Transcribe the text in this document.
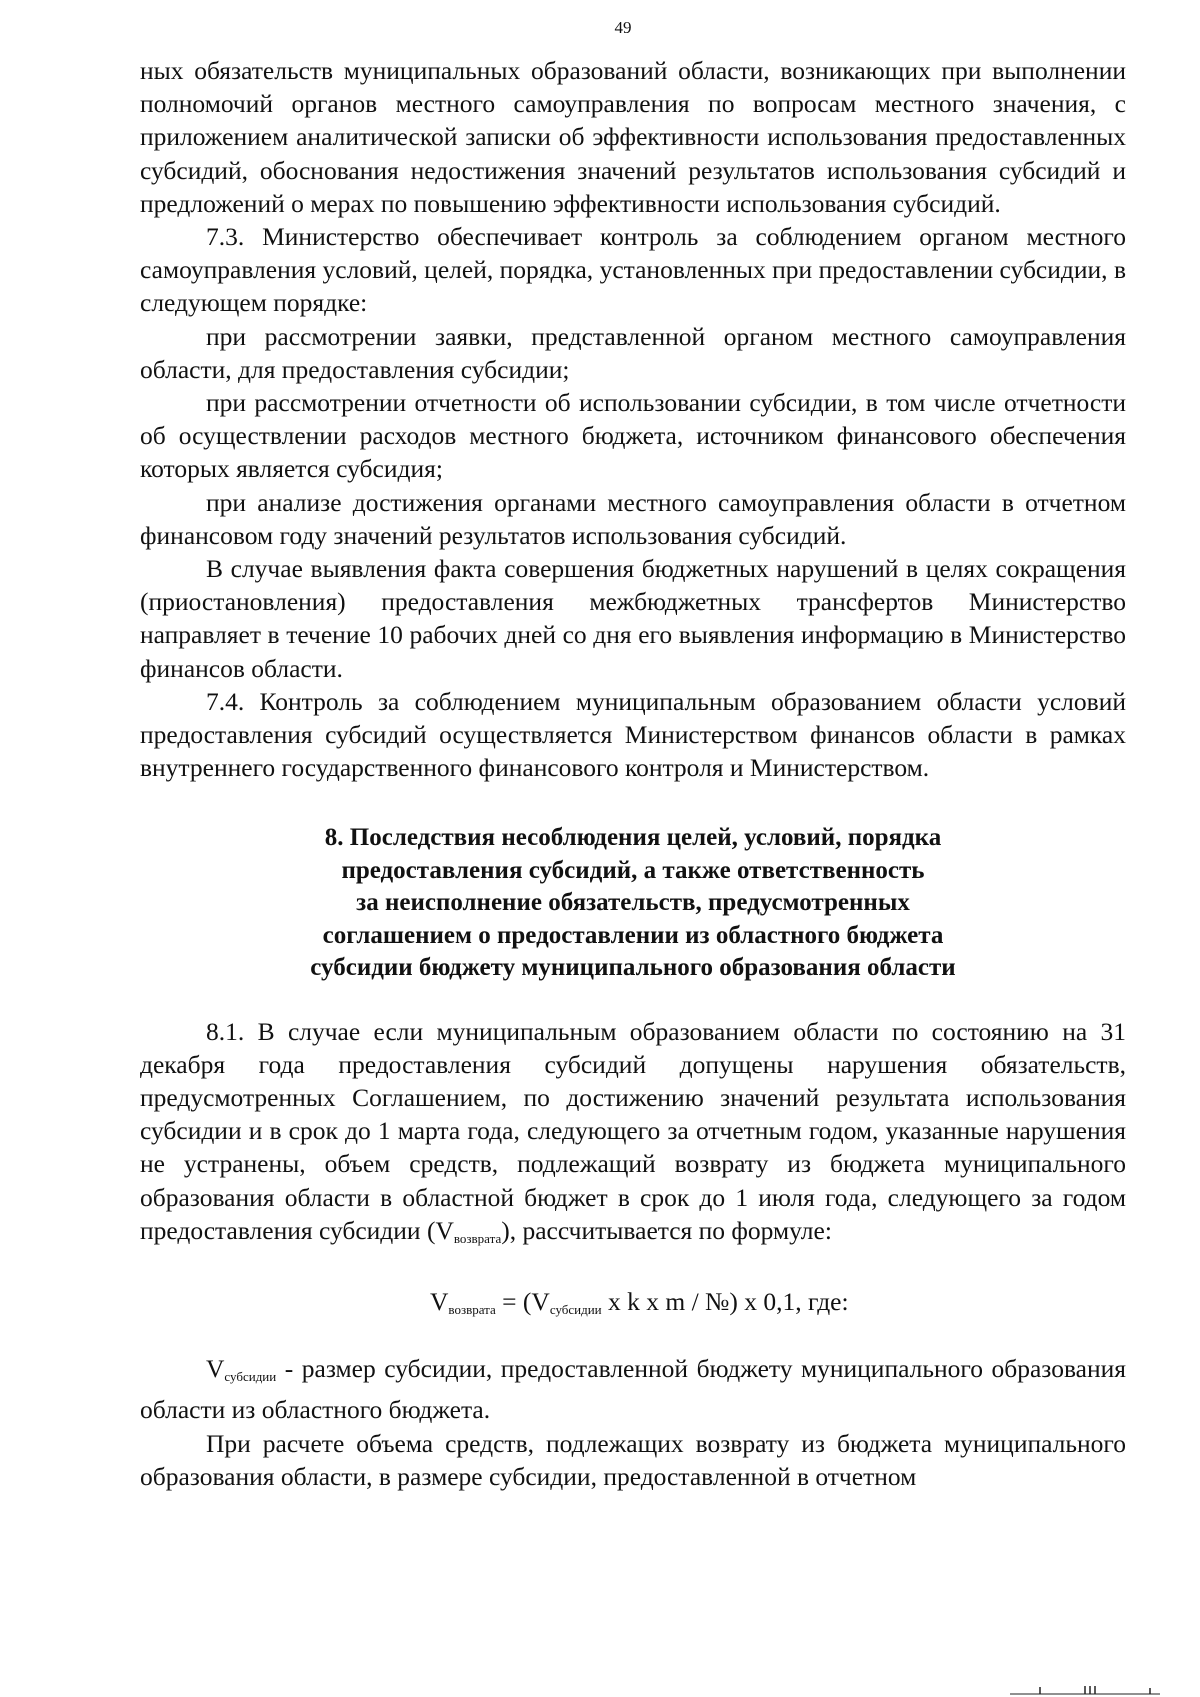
49

ных обязательств муниципальных образований области, возникающих при выполнении полномочий органов местного самоуправления по вопросам местного значения, с приложением аналитической записки об эффективности использования предоставленных субсидий, обоснования недостижения значений результатов использования субсидий и предложений о мерах по повышению эффективности использования субсидий.

7.3. Министерство обеспечивает контроль за соблюдением органом местного самоуправления условий, целей, порядка, установленных при предоставлении субсидии, в следующем порядке:

при рассмотрении заявки, представленной органом местного самоуправления области, для предоставления субсидии;

при рассмотрении отчетности об использовании субсидии, в том числе отчетности об осуществлении расходов местного бюджета, источником финансового обеспечения которых является субсидия;

при анализе достижения органами местного самоуправления области в отчетном финансовом году значений результатов использования субсидий.

В случае выявления факта совершения бюджетных нарушений в целях сокращения (приостановления) предоставления межбюджетных трансфертов Министерство направляет в течение 10 рабочих дней со дня его выявления информацию в Министерство финансов области.

7.4. Контроль за соблюдением муниципальным образованием области условий предоставления субсидий осуществляется Министерством финансов области в рамках внутреннего государственного финансового контроля и Министерством.

8. Последствия несоблюдения целей, условий, порядка
предоставления субсидий, а также ответственность
за неисполнение обязательств, предусмотренных
соглашением о предоставлении из областного бюджета
субсидии бюджету муниципального образования области

8.1. В случае если муниципальным образованием области по состоянию на 31 декабря года предоставления субсидий допущены нарушения обязательств, предусмотренных Соглашением, по достижению значений результата использования субсидии и в срок до 1 марта года, следующего за отчетным годом, указанные нарушения не устранены, объем средств, подлежащий возврату из бюджета муниципального образования области в областной бюджет в срок до 1 июля года, следующего за годом предоставления субсидии $(V_{возврата})$, рассчитывается по формуле:

$V_{возврата} = (V_{субсидии}$ x k x m / №) x 0,1, где:

$V_{субсидии}$ - размер субсидии, предоставленной бюджету муниципального образования области из областного бюджета.

При расчете объема средств, подлежащих возврату из бюджета муниципального образования области, в размере субсидии, предоставленной в отчетном
